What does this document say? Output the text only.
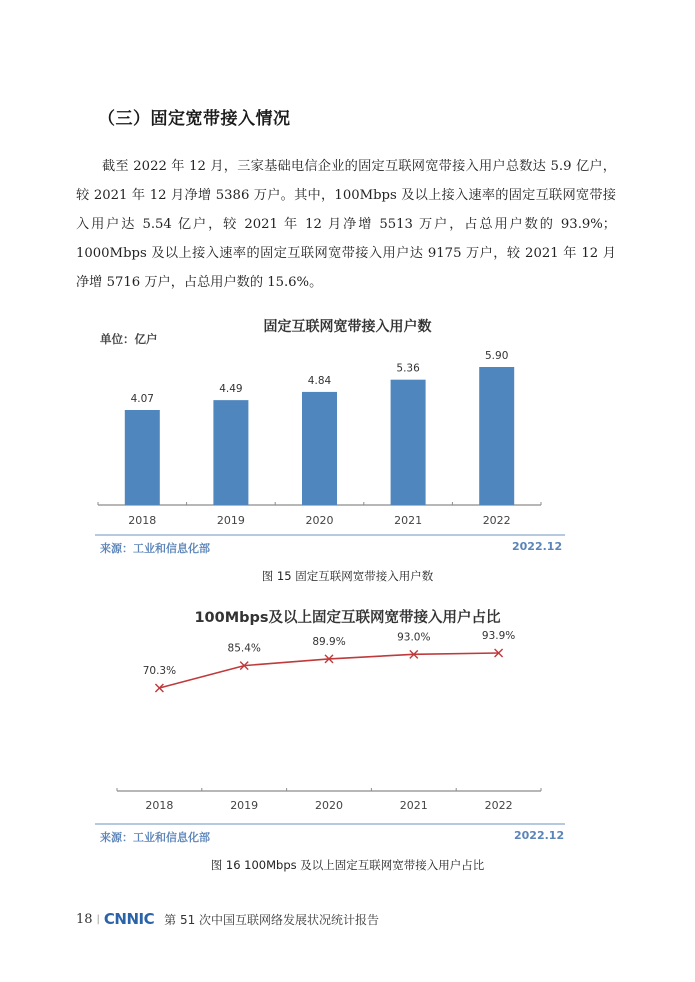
（三）固定宽带接入情况

截至 2022 年 12 月，三家基础电信企业的固定互联网宽带接入用户总数达 5.9 亿户，较 2021 年 12 月净增 5386 万户。其中，100Mbps 及以上接入速率的固定互联网宽带接入用户达 5.54 亿户，较 2021 年 12 月净增 5513 万户，占总用户数的 93.9%；1000Mbps 及以上接入速率的固定互联网宽带接入用户达 9175 万户，较 2021 年 12 月净增 5716 万户，占总用户数的 15.6%。

固定互联网宽带接入用户数
单位：亿户
4.07
2018
4.49
2019
4.84
2020
5.36
2021
5.90
2022
来源：工业和信息化部	2022.12
图 15 固定互联网宽带接入用户数
100Mbps及以上固定互联网宽带接入用户占比
70.3%
2018
85.4%
2019
89.9%
2020
93.0%
2021
93.9%
2022
来源：工业和信息化部	2022.12
图 16 100Mbps 及以上固定互联网宽带接入用户占比
18 | CNNIC 第 51 次中国互联网络发展状况统计报告
